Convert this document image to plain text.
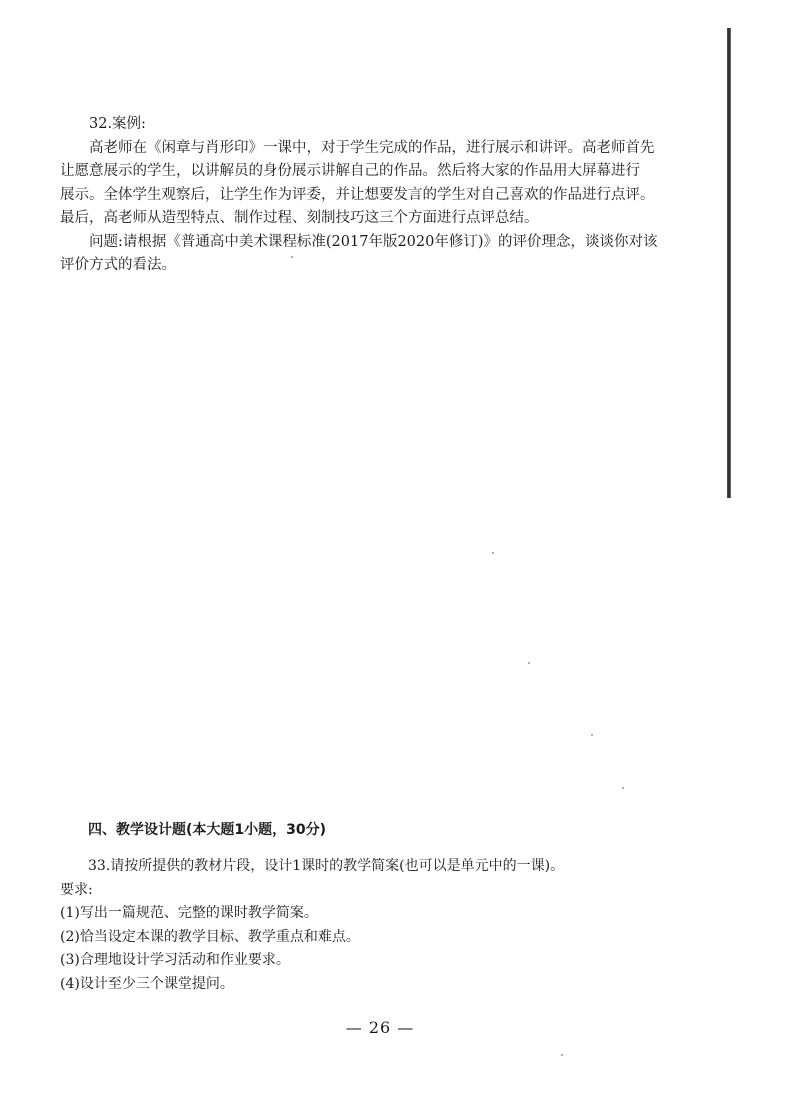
32.案例:
高老师在《闲章与肖形印》一课中，对于学生完成的作品，进行展示和讲评。高老师首先
让愿意展示的学生，以讲解员的身份展示讲解自己的作品。然后将大家的作品用大屏幕进行
展示。全体学生观察后，让学生作为评委，并让想要发言的学生对自己喜欢的作品进行点评。
最后，高老师从造型特点、制作过程、刻制技巧这三个方面进行点评总结。
问题:请根据《普通高中美术课程标准(2017年版2020年修订)》的评价理念，谈谈你对该
评价方式的看法。
四、教学设计题(本大题1小题，30分)
33.请按所提供的教材片段，设计1课时的教学简案(也可以是单元中的一课)。
要求:
(1)写出一篇规范、完整的课时教学简案。
(2)恰当设定本课的教学目标、教学重点和难点。
(3)合理地设计学习活动和作业要求。
(4)设计至少三个课堂提问。
— 26 —
